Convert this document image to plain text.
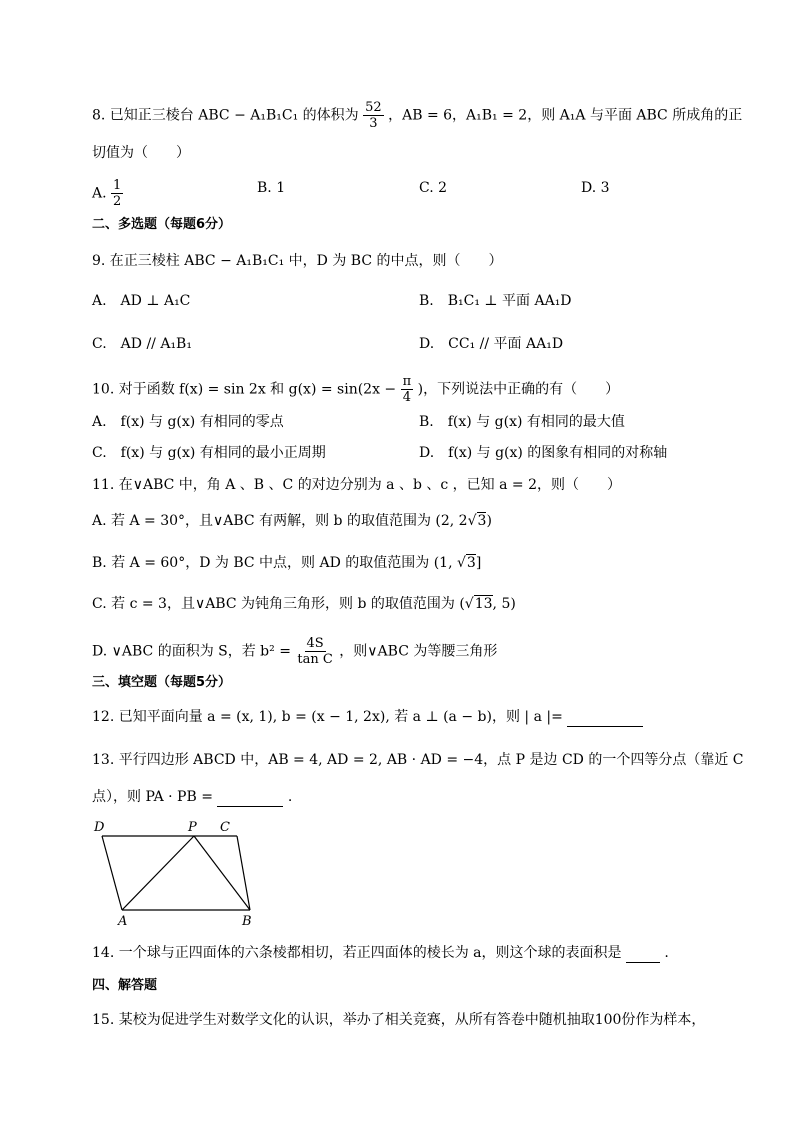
8. 已知正三棱台 ABC − A₁B₁C₁ 的体积为 $\frac{52}{3}$ ，AB = 6，A₁B₁ = 2，则 A₁A 与平面 ABC 所成角的正
切值为（　　）
A. $\frac{1}{2}$	B. 1	C. 2	D. 3
二、多选题（每题6分）
9. 在正三棱柱 ABC − A₁B₁C₁ 中，D 为 BC 的中点，则（　　）
A.　AD ⊥ A₁C	B.　B₁C₁ ⊥ 平面 AA₁D
C.　AD // A₁B₁	D.　CC₁ // 平面 AA₁D
10. 对于函数 f(x) = sin 2x 和 $g(x) = \sin(2x - \frac{\pi}{4}$ )，下列说法中正确的有（　　）
A.　f(x) 与 g(x) 有相同的零点	B.　f(x) 与 g(x) 有相同的最大值
C.　f(x) 与 g(x) 有相同的最小正周期	D.　f(x) 与 g(x) 的图象有相同的对称轴
11. 在∨ABC 中，角 A 、B 、C 的对边分别为 a 、b 、c ，已知 a = 2，则（　　）
A. 若 A = 30°，且∨ABC 有两解，则 b 的取值范围为 (2, 2√3)
B. 若 A = 60°，D 为 BC 中点，则 AD 的取值范围为 (1, √3]
C. 若 c = 3，且∨ABC 为钝角三角形，则 b 的取值范围为 (√13, 5)
D. ∨ABC 的面积为 S，若 $b^2 = \frac{4S}{\text{tan C}}$ ，则∨ABC 为等腰三角形
三、填空题（每题5分）
12. 已知平面向量 a = (x, 1), b = (x − 1, 2x), 若 a ⊥ (a − b)，则 | a |=
13. 平行四边形 ABCD 中，AB = 4, AD = 2, AB · AD = −4，点 P 是边 CD 的一个四等分点（靠近 C
点），则 PA · PB =	.
D	P C
A	B
14. 一个球与正四面体的六条棱都相切，若正四面体的棱长为 a，则这个球的表面积是	.
四、解答题
15. 某校为促进学生对数学文化的认识，举办了相关竞赛，从所有答卷中随机抽取100份作为样本，
